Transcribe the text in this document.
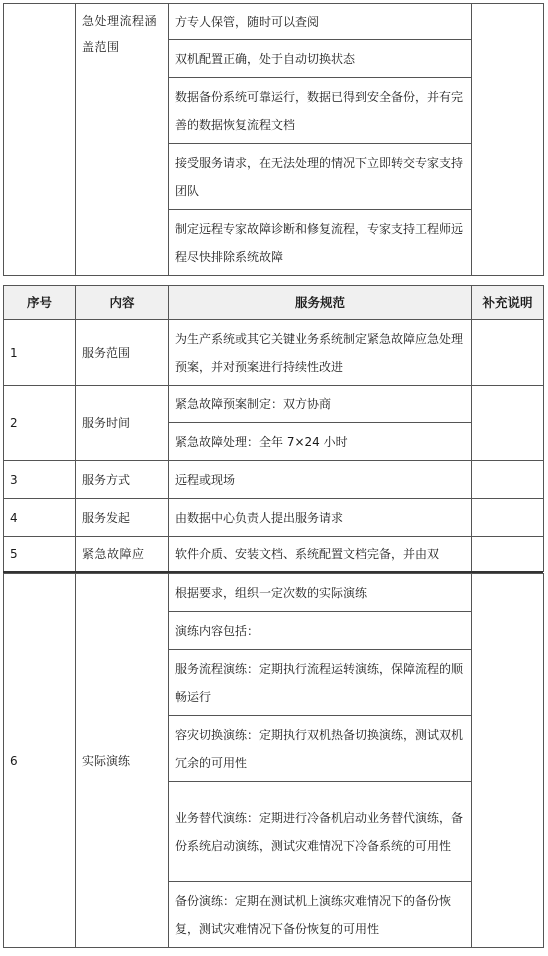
	急处理流程涵盖范围	方专人保管，随时可以查阅	
双机配置正确，处于自动切换状态
数据备份系统可靠运行，数据已得到安全备份，并有完善的数据恢复流程文档
接受服务请求，在无法处理的情况下立即转交专家支持团队
制定远程专家故障诊断和修复流程，专家支持工程师远程尽快排除系统故障
序号	内容	服务规范	补充说明
1	服务范围	为生产系统或其它关键业务系统制定紧急故障应急处理预案，并对预案进行持续性改进	
2	服务时间	紧急故障预案制定：双方协商	
		紧急故障处理：全年 7×24 小时	
3	服务方式	远程或现场	
4	服务发起	由数据中心负责人提出服务请求	
5	紧急故障应	软件介质、安装文档、系统配置文档完备，并由双	
6	实际演练	根据要求，组织一定次数的实际演练	
演练内容包括：
服务流程演练：定期执行流程运转演练，保障流程的顺畅运行
容灾切换演练：定期执行双机热备切换演练，测试双机冗余的可用性
业务替代演练：定期进行冷备机启动业务替代演练，备份系统启动演练，测试灾难情况下冷备系统的可用性
备份演练：定期在测试机上演练灾难情况下的备份恢复，测试灾难情况下备份恢复的可用性
